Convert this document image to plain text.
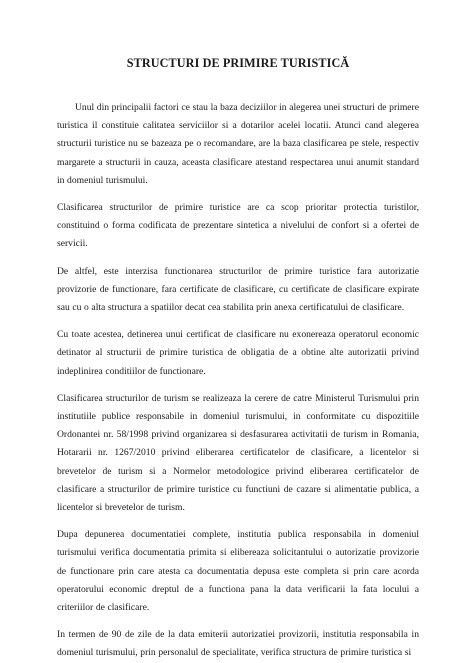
STRUCTURI DE PRIMIRE TURISTICĂ

Unul din principalii factori ce stau la baza deciziilor in alegerea unei structuri de primere turistica il constituie calitatea serviciilor si a dotarilor acelei locatii. Atunci cand alegerea structurii turistice nu se bazeaza pe o recomandare, are la baza clasificarea pe stele, respectiv margarete a structurii in cauza, aceasta clasificare atestand respectarea unui anumit standard in domeniul turismului.

Clasificarea structurilor de primire turistice are ca scop prioritar protectia turistilor, constituind o forma codificata de prezentare sintetica a nivelului de confort si a ofertei de servicii.

De altfel, este interzisa functionarea structurilor de primire turistice fara autorizatie provizorie de functionare, fara certificate de clasificare, cu certificate de clasificare expirate sau cu o alta structura a spatiilor decat cea stabilita prin anexa certificatului de clasificare.

Cu toate acestea, detinerea unui certificat de clasificare nu exonereaza operatorul economic detinator al structurii de primire turistica de obligatia de a obtine alte autorizatii privind indeplinirea conditiilor de functionare.

Clasificarea structurilor de turism se realizeaza la cerere de catre Ministerul Turismului prin institutiile publice responsabile in domeniul turismului, in conformitate cu dispozitiile Ordonantei nr. 58/1998 privind organizarea si desfasurarea activitatii de turism in Romania, Hotararii nr. 1267/2010 privind eliberarea certificatelor de clasificare, a licentelor si brevetelor de turism si a Normelor metodologice privind eliberarea certificatelor de clasificare a structurilor de primire turistice cu functiuni de cazare si alimentatie publica, a licentelor si brevetelor de turism.

Dupa depunerea documentatiei complete, institutia publica responsabila in domeniul turismului verifica documentatia primita si elibereaza solicitantului o autorizatie provizorie de functionare prin care atesta ca documentatia depusa este completa si prin care acorda operatorului economic dreptul de a functiona pana la data verificarii la fata locului a criteriilor de clasificare.

In termen de 90 de zile de la data emiterii autorizatiei provizorii, institutia responsabila in domeniul turismului, prin personalul de specialitate, verifica structura de primire turistica si
